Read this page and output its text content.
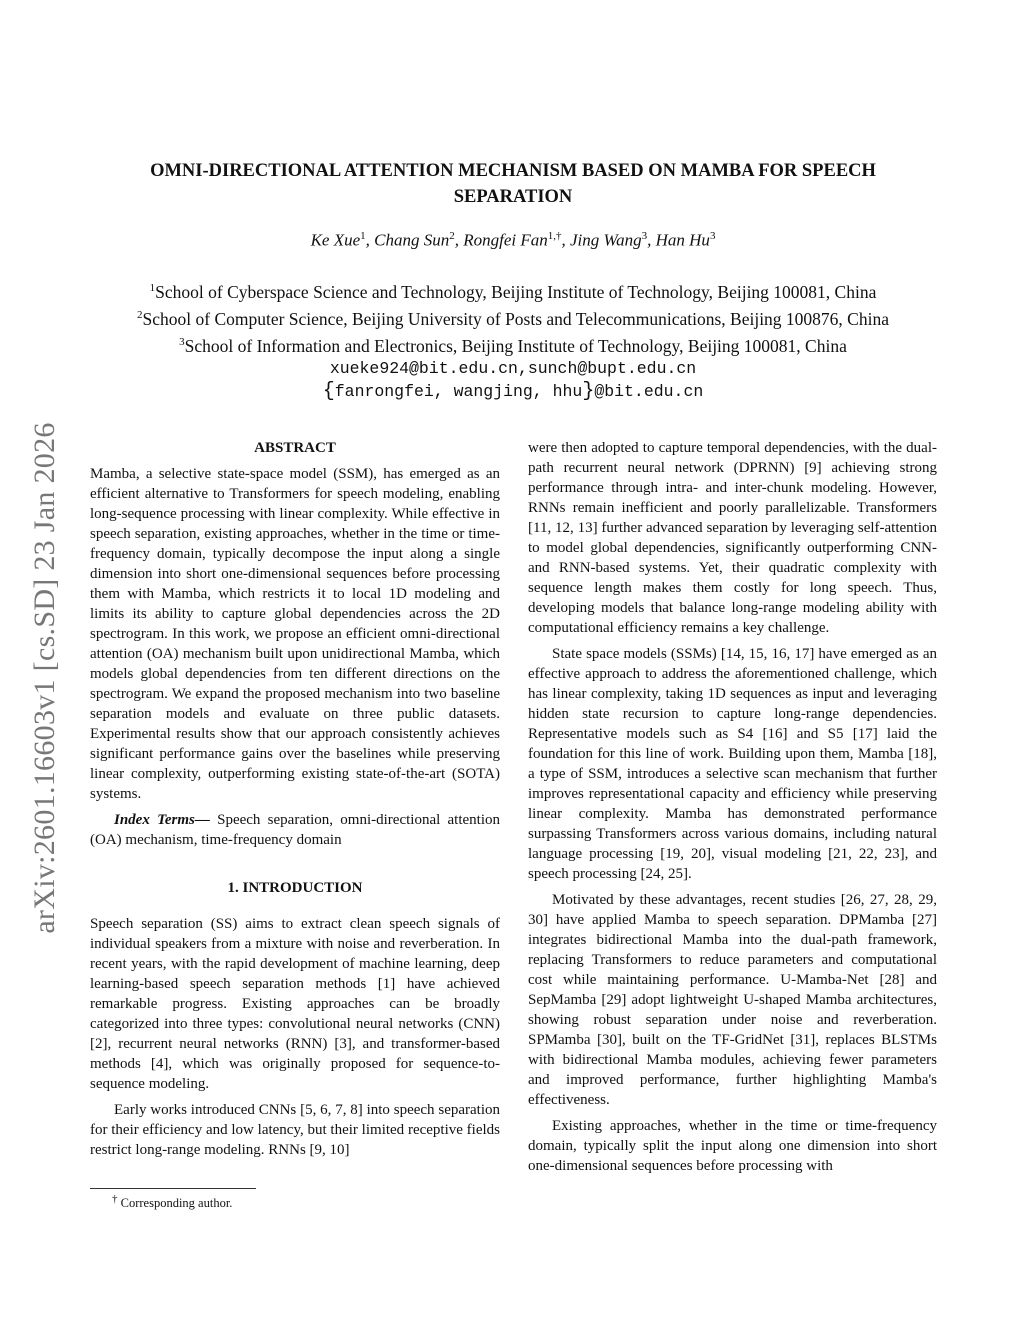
arXiv:2601.16603v1 [cs.SD] 23 Jan 2026
OMNI-DIRECTIONAL ATTENTION MECHANISM BASED ON MAMBA FOR SPEECH SEPARATION
Ke Xue$^1$, Chang Sun$^2$, Rongfei Fan$^{1,\dagger}$, Jing Wang$^3$, Han Hu$^3$
$^1$School of Cyberspace Science and Technology, Beijing Institute of Technology, Beijing 100081, China
$^2$School of Computer Science, Beijing University of Posts and Telecommunications, Beijing 100876, China
$^3$School of Information and Electronics, Beijing Institute of Technology, Beijing 100081, China
xueke924@bit.edu.cn,sunch@bupt.edu.cn
{fanrongfei, wangjing, hhu}@bit.edu.cn
ABSTRACT

Mamba, a selective state-space model (SSM), has emerged as an efficient alternative to Transformers for speech modeling, enabling long-sequence processing with linear complexity. While effective in speech separation, existing approaches, whether in the time or time-frequency domain, typically decompose the input along a single dimension into short one-dimensional sequences before processing them with Mamba, which restricts it to local 1D modeling and limits its ability to capture global dependencies across the 2D spectrogram. In this work, we propose an efficient omni-directional attention (OA) mechanism built upon unidirectional Mamba, which models global dependencies from ten different directions on the spectrogram. We expand the proposed mechanism into two baseline separation models and evaluate on three public datasets. Experimental results show that our approach consistently achieves significant performance gains over the baselines while preserving linear complexity, outperforming existing state-of-the-art (SOTA) systems.

Index Terms— Speech separation, omni-directional attention (OA) mechanism, time-frequency domain

1. INTRODUCTION

Speech separation (SS) aims to extract clean speech signals of individual speakers from a mixture with noise and reverberation. In recent years, with the rapid development of machine learning, deep learning-based speech separation methods [1] have achieved remarkable progress. Existing approaches can be broadly categorized into three types: convolutional neural networks (CNN) [2], recurrent neural networks (RNN) [3], and transformer-based methods [4], which was originally proposed for sequence-to-sequence modeling.

Early works introduced CNNs [5, 6, 7, 8] into speech separation for their efficiency and low latency, but their limited receptive fields restrict long-range modeling. RNNs [9, 10]

were then adopted to capture temporal dependencies, with the dual-path recurrent neural network (DPRNN) [9] achieving strong performance through intra- and inter-chunk modeling. However, RNNs remain inefficient and poorly parallelizable. Transformers [11, 12, 13] further advanced separation by leveraging self-attention to model global dependencies, significantly outperforming CNN- and RNN-based systems. Yet, their quadratic complexity with sequence length makes them costly for long speech. Thus, developing models that balance long-range modeling ability with computational efficiency remains a key challenge.

State space models (SSMs) [14, 15, 16, 17] have emerged as an effective approach to address the aforementioned challenge, which has linear complexity, taking 1D sequences as input and leveraging hidden state recursion to capture long-range dependencies. Representative models such as S4 [16] and S5 [17] laid the foundation for this line of work. Building upon them, Mamba [18], a type of SSM, introduces a selective scan mechanism that further improves representational capacity and efficiency while preserving linear complexity. Mamba has demonstrated performance surpassing Transformers across various domains, including natural language processing [19, 20], visual modeling [21, 22, 23], and speech processing [24, 25].

Motivated by these advantages, recent studies [26, 27, 28, 29, 30] have applied Mamba to speech separation. DPMamba [27] integrates bidirectional Mamba into the dual-path framework, replacing Transformers to reduce parameters and computational cost while maintaining performance. U-Mamba-Net [28] and SepMamba [29] adopt lightweight U-shaped Mamba architectures, showing robust separation under noise and reverberation. SPMamba [30], built on the TF-GridNet [31], replaces BLSTMs with bidirectional Mamba modules, achieving fewer parameters and improved performance, further highlighting Mamba's effectiveness.

Existing approaches, whether in the time or time-frequency domain, typically split the input along one dimension into short one-dimensional sequences before processing with

† Corresponding author.
